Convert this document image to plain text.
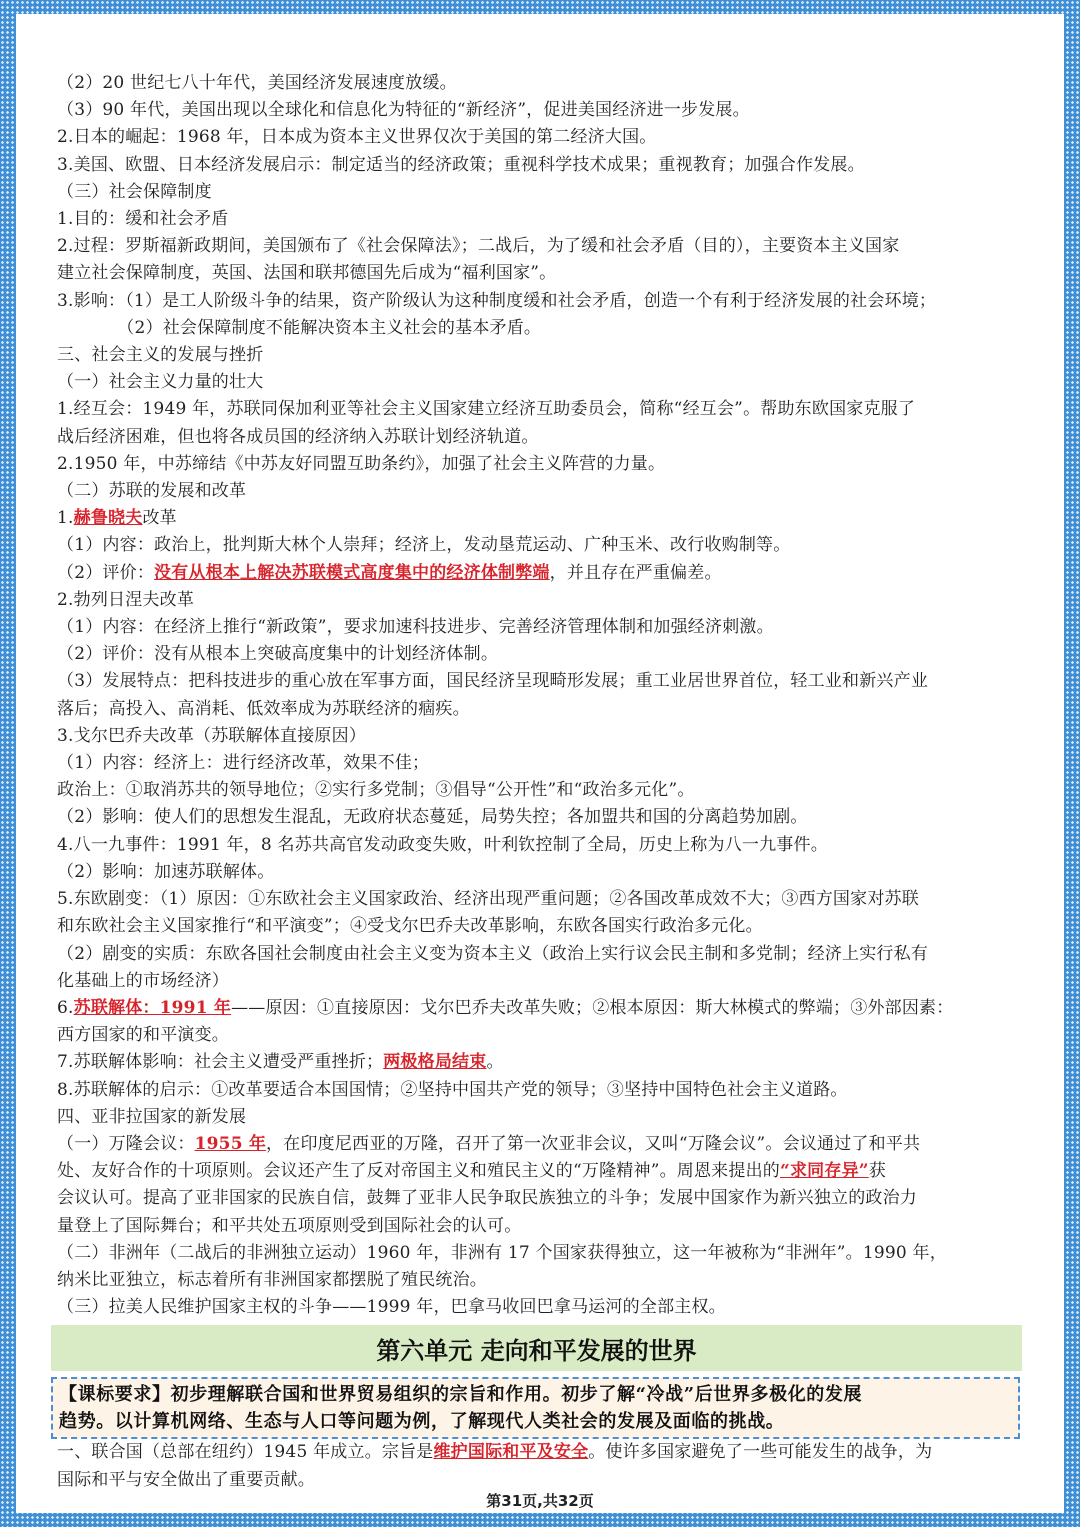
（2）20 世纪七八十年代，美国经济发展速度放缓。

（3）90 年代，美国出现以全球化和信息化为特征的“新经济”，促进美国经济进一步发展。

2.日本的崛起：1968 年，日本成为资本主义世界仅次于美国的第二经济大国。

3.美国、欧盟、日本经济发展启示：制定适当的经济政策；重视科学技术成果；重视教育；加强合作发展。

（三）社会保障制度

1.目的：缓和社会矛盾

2.过程：罗斯福新政期间，美国颁布了《社会保障法》；二战后，为了缓和社会矛盾（目的），主要资本主义国家

建立社会保障制度，英国、法国和联邦德国先后成为“福利国家”。

3.影响：（1）是工人阶级斗争的结果，资产阶级认为这种制度缓和社会矛盾，创造一个有利于经济发展的社会环境；

　　　　（2）社会保障制度不能解决资本主义社会的基本矛盾。

三、社会主义的发展与挫折

（一）社会主义力量的壮大

1.经互会：1949 年，苏联同保加利亚等社会主义国家建立经济互助委员会，简称“经互会”。帮助东欧国家克服了

战后经济困难，但也将各成员国的经济纳入苏联计划经济轨道。

2.1950 年，中苏缔结《中苏友好同盟互助条约》，加强了社会主义阵营的力量。

（二）苏联的发展和改革

1.赫鲁晓夫改革

（1）内容：政治上，批判斯大林个人崇拜；经济上，发动垦荒运动、广种玉米、改行收购制等。

（2）评价：没有从根本上解决苏联模式高度集中的经济体制弊端，并且存在严重偏差。

2.勃列日涅夫改革

（1）内容：在经济上推行“新政策”，要求加速科技进步、完善经济管理体制和加强经济刺激。

（2）评价：没有从根本上突破高度集中的计划经济体制。

（3）发展特点：把科技进步的重心放在军事方面，国民经济呈现畸形发展；重工业居世界首位，轻工业和新兴产业

落后；高投入、高消耗、低效率成为苏联经济的痼疾。

3.戈尔巴乔夫改革（苏联解体直接原因）

（1）内容：经济上：进行经济改革，效果不佳；

政治上：①取消苏共的领导地位；②实行多党制；③倡导“公开性”和“政治多元化”。

（2）影响：使人们的思想发生混乱，无政府状态蔓延，局势失控；各加盟共和国的分离趋势加剧。

4.八一九事件：1991 年，8 名苏共高官发动政变失败，叶利钦控制了全局，历史上称为八一九事件。

（2）影响：加速苏联解体。

5.东欧剧变：（1）原因：①东欧社会主义国家政治、经济出现严重问题；②各国改革成效不大；③西方国家对苏联

和东欧社会主义国家推行“和平演变”；④受戈尔巴乔夫改革影响，东欧各国实行政治多元化。

（2）剧变的实质：东欧各国社会制度由社会主义变为资本主义（政治上实行议会民主制和多党制；经济上实行私有

化基础上的市场经济）

6.苏联解体：1991 年——原因：①直接原因：戈尔巴乔夫改革失败；②根本原因：斯大林模式的弊端；③外部因素：

西方国家的和平演变。

7.苏联解体影响：社会主义遭受严重挫折；两极格局结束。

8.苏联解体的启示：①改革要适合本国国情；②坚持中国共产党的领导；③坚持中国特色社会主义道路。

四、亚非拉国家的新发展

（一）万隆会议：1955 年，在印度尼西亚的万隆，召开了第一次亚非会议，又叫“万隆会议”。会议通过了和平共

处、友好合作的十项原则。会议还产生了反对帝国主义和殖民主义的“万隆精神”。周恩来提出的“求同存异”获

会议认可。提高了亚非国家的民族自信，鼓舞了亚非人民争取民族独立的斗争；发展中国家作为新兴独立的政治力

量登上了国际舞台；和平共处五项原则受到国际社会的认可。

（二）非洲年（二战后的非洲独立运动）1960 年，非洲有 17 个国家获得独立，这一年被称为“非洲年”。1990 年，

纳米比亚独立，标志着所有非洲国家都摆脱了殖民统治。

（三）拉美人民维护国家主权的斗争——1999 年，巴拿马收回巴拿马运河的全部主权。

第六单元 走向和平发展的世界
【课标要求】初步理解联合国和世界贸易组织的宗旨和作用。初步了解“冷战”后世界多极化的发展
趋势。以计算机网络、生态与人口等问题为例，了解现代人类社会的发展及面临的挑战。

一、联合国（总部在纽约）1945 年成立。宗旨是维护国际和平及安全。使许多国家避免了一些可能发生的战争，为

国际和平与安全做出了重要贡献。

第31页,共32页
